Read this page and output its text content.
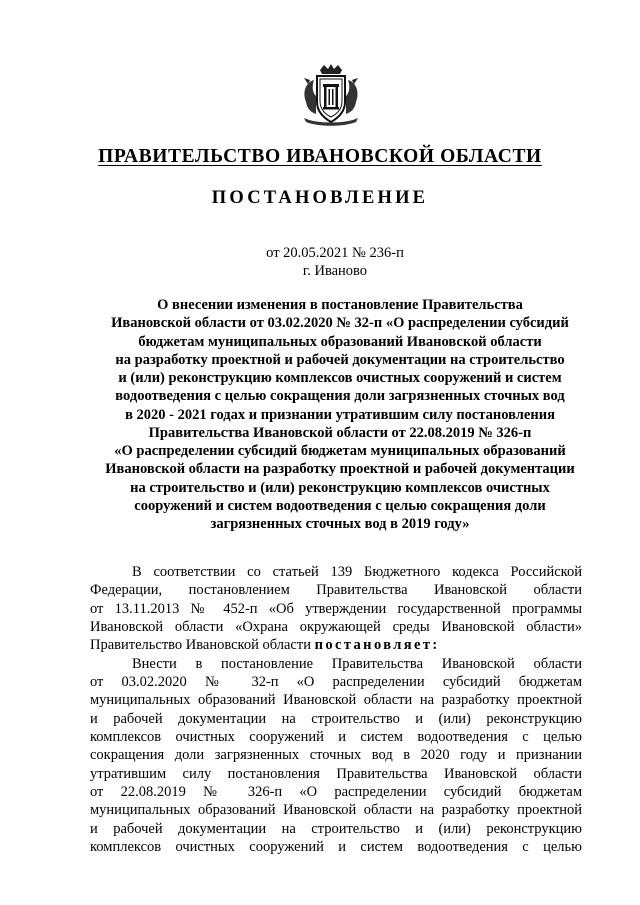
ПРАВИТЕЛЬСТВО ИВАНОВСКОЙ ОБЛАСТИ
ПОСТАНОВЛЕНИЕ
от 20.05.2021 № 236-п
г. Иваново
О внесении изменения в постановление Правительства
Ивановской области от 03.02.2020 № 32-п «О распределении субсидий
бюджетам муниципальных образований Ивановской области
на разработку проектной и рабочей документации на строительство
и (или) реконструкцию комплексов очистных сооружений и систем
водоотведения с целью сокращения доли загрязненных сточных вод
в 2020 - 2021 годах и признании утратившим силу постановления
Правительства Ивановской области от 22.08.2019 № 326-п
«О распределении субсидий бюджетам муниципальных образований
Ивановской области на разработку проектной и рабочей документации
на строительство и (или) реконструкцию комплексов очистных
сооружений и систем водоотведения с целью сокращения доли
загрязненных сточных вод в 2019 году»
В соответствии со статьей 139 Бюджетного кодекса Российской
Федерации, постановлением Правительства Ивановской области
от 13.11.2013 № 452-п «Об утверждении государственной программы
Ивановской области «Охрана окружающей среды Ивановской области»
Правительство Ивановской области постановляет:
Внести в постановление Правительства Ивановской области
от 03.02.2020 № 32-п «О распределении субсидий бюджетам
муниципальных образований Ивановской области на разработку проектной
и рабочей документации на строительство и (или) реконструкцию
комплексов очистных сооружений и систем водоотведения с целью
сокращения доли загрязненных сточных вод в 2020 году и признании
утратившим силу постановления Правительства Ивановской области
от 22.08.2019 № 326-п «О распределении субсидий бюджетам
муниципальных образований Ивановской области на разработку проектной
и рабочей документации на строительство и (или) реконструкцию
комплексов очистных сооружений и систем водоотведения с целью
